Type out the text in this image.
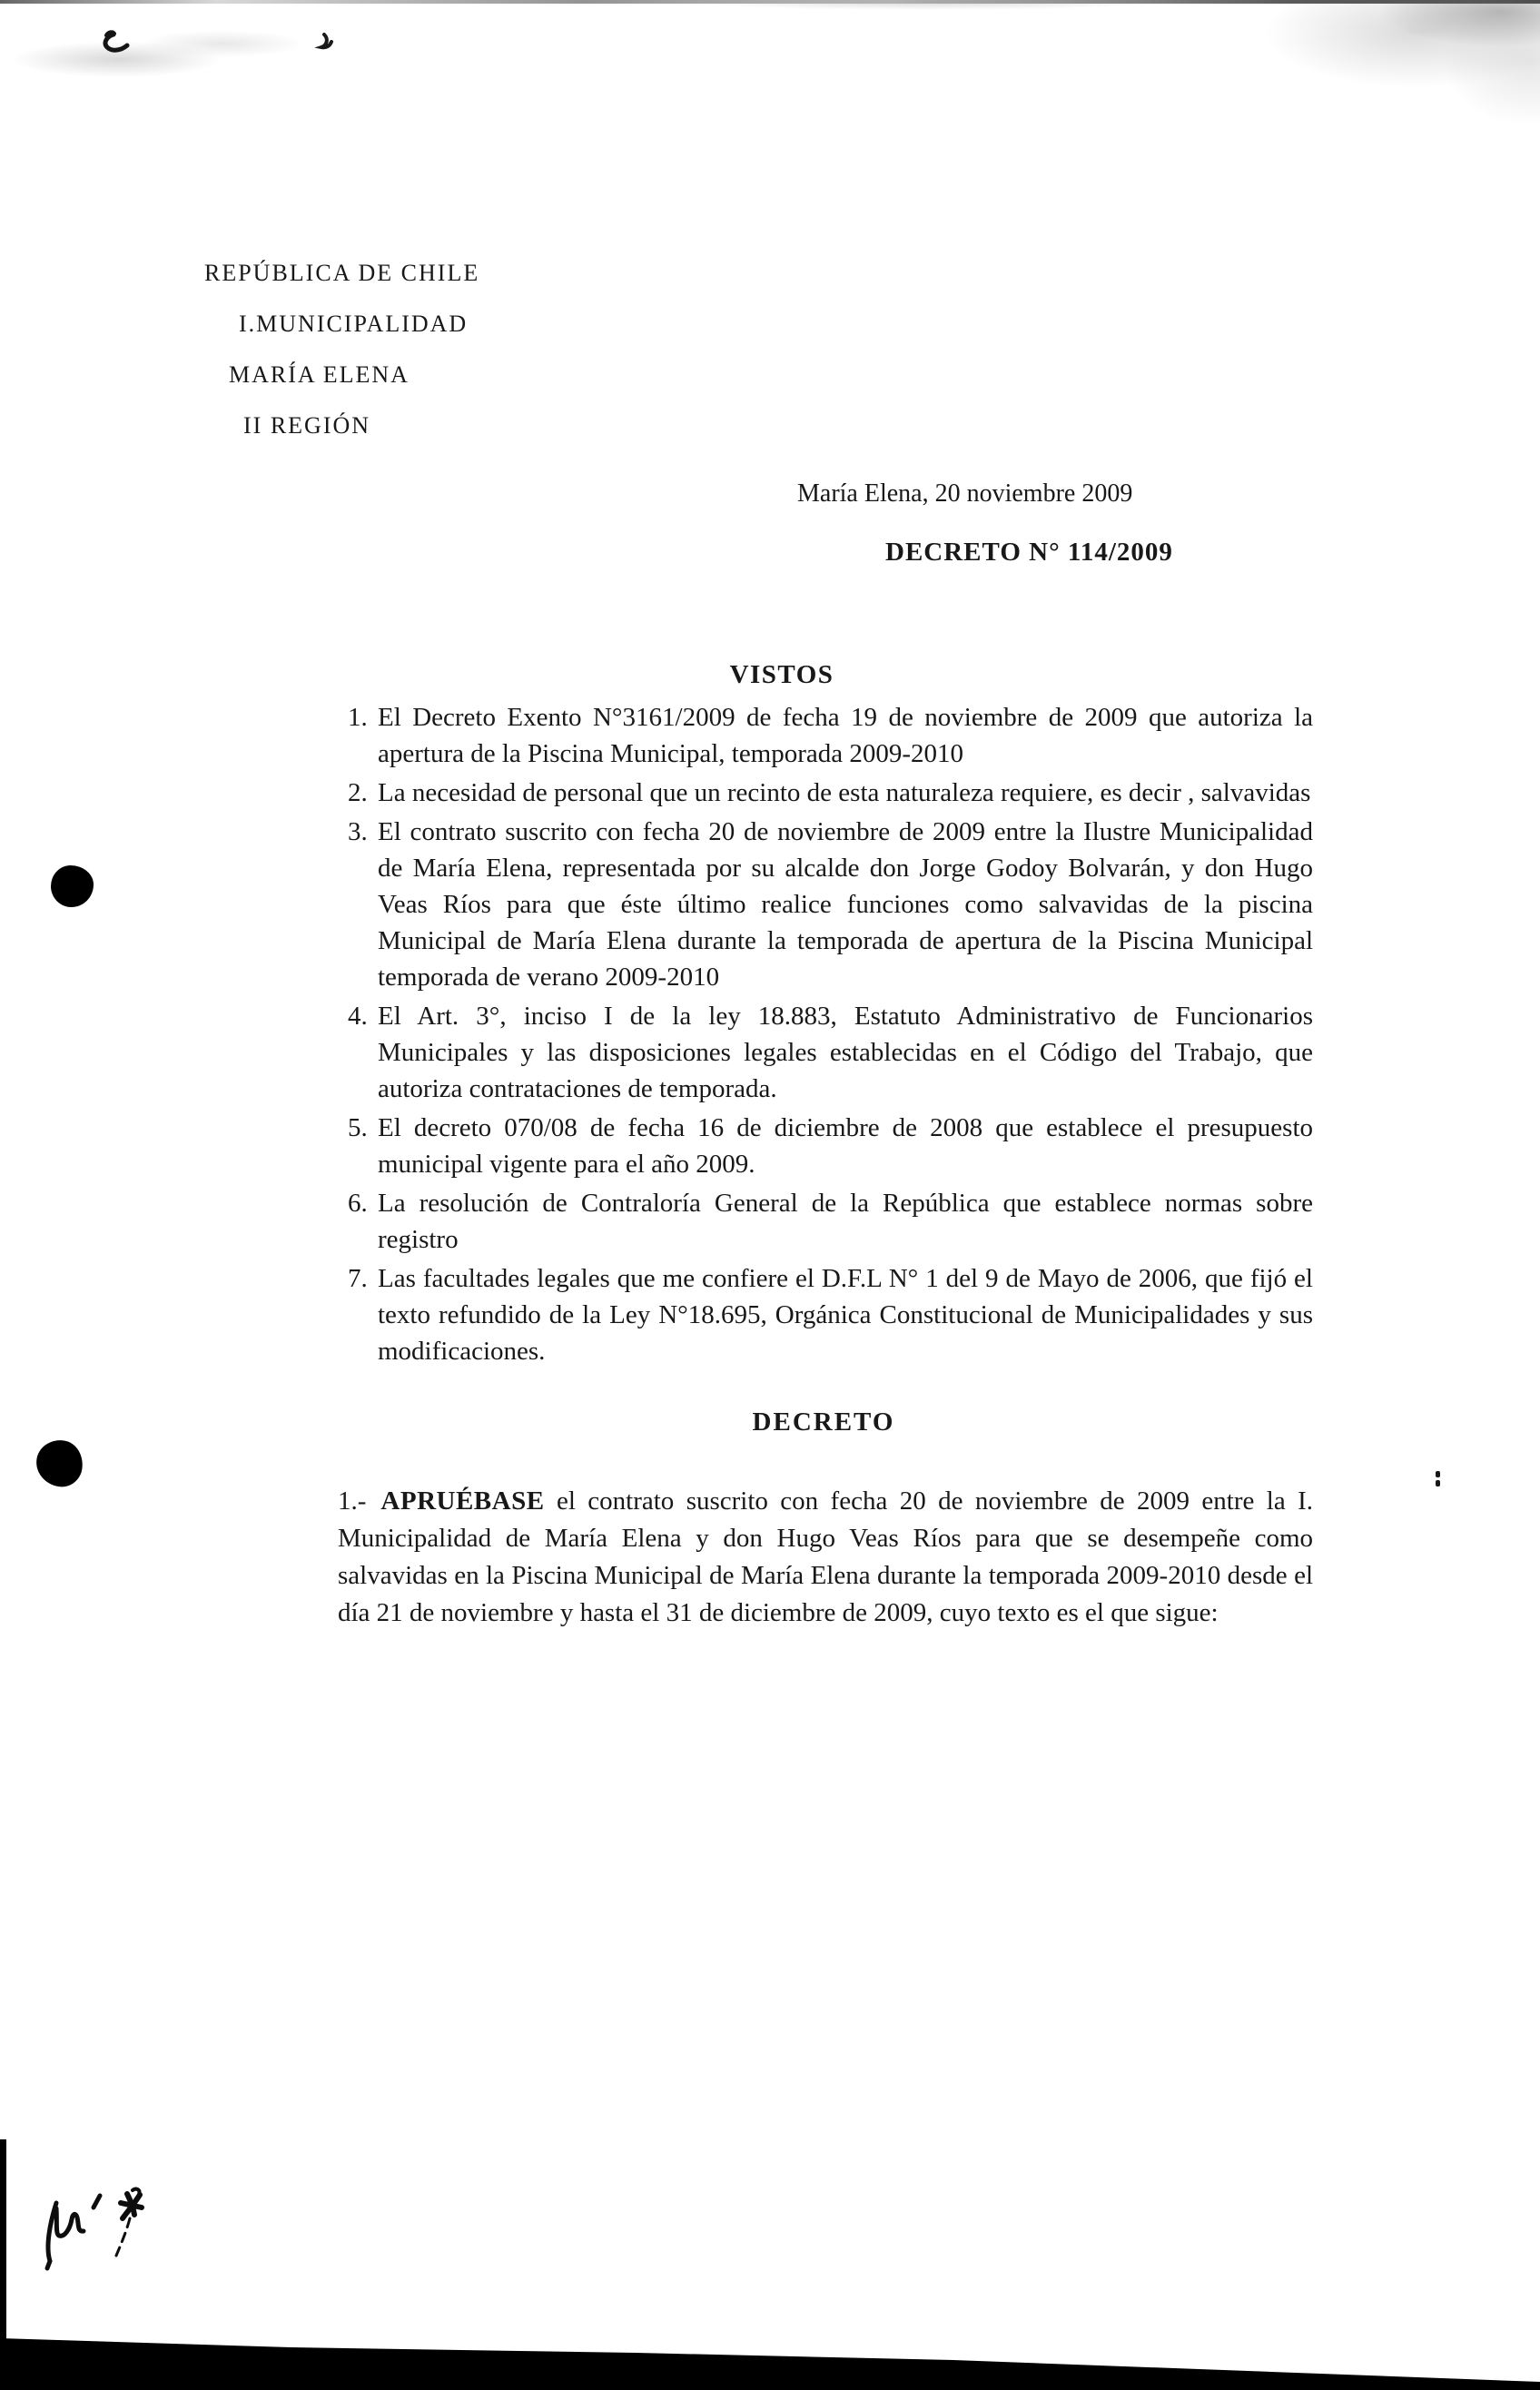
REPÚBLICA DE CHILE
I.MUNICIPALIDAD
MARÍA ELENA
II REGIÓN
María Elena, 20 noviembre 2009
DECRETO N° 114/2009
VISTOS
1. El Decreto Exento N°3161/2009 de fecha 19 de noviembre de 2009 que autoriza la apertura de la Piscina Municipal, temporada 2009-2010
2. La necesidad de personal que un recinto de esta naturaleza requiere, es decir , salvavidas
3. El contrato suscrito con fecha 20 de noviembre de 2009 entre la Ilustre Municipalidad de María Elena, representada por su alcalde don Jorge Godoy Bolvarán, y don Hugo Veas Ríos para que éste último realice funciones como salvavidas de la piscina Municipal de María Elena durante la temporada de apertura de la Piscina Municipal temporada de verano 2009-2010
4. El Art. 3°, inciso I de la ley 18.883, Estatuto Administrativo de Funcionarios Municipales y las disposiciones legales establecidas en el Código del Trabajo, que autoriza contrataciones de temporada.
5. El decreto 070/08 de fecha 16 de diciembre de 2008 que establece el presupuesto municipal vigente para el año 2009.
6. La resolución de Contraloría General de la República que establece normas sobre registro
7. Las facultades legales que me confiere el D.F.L N° 1 del 9 de Mayo de 2006, que fijó el texto refundido de la Ley N°18.695, Orgánica Constitucional de Municipalidades y sus modificaciones.
DECRETO

1.- APRUÉBASE el contrato suscrito con fecha 20 de noviembre de 2009 entre la I. Municipalidad de María Elena y don Hugo Veas Ríos para que se desempeñe como salvavidas en la Piscina Municipal de María Elena durante la temporada 2009-2010 desde el día 21 de noviembre y hasta el 31 de diciembre de 2009, cuyo texto es el que sigue:
